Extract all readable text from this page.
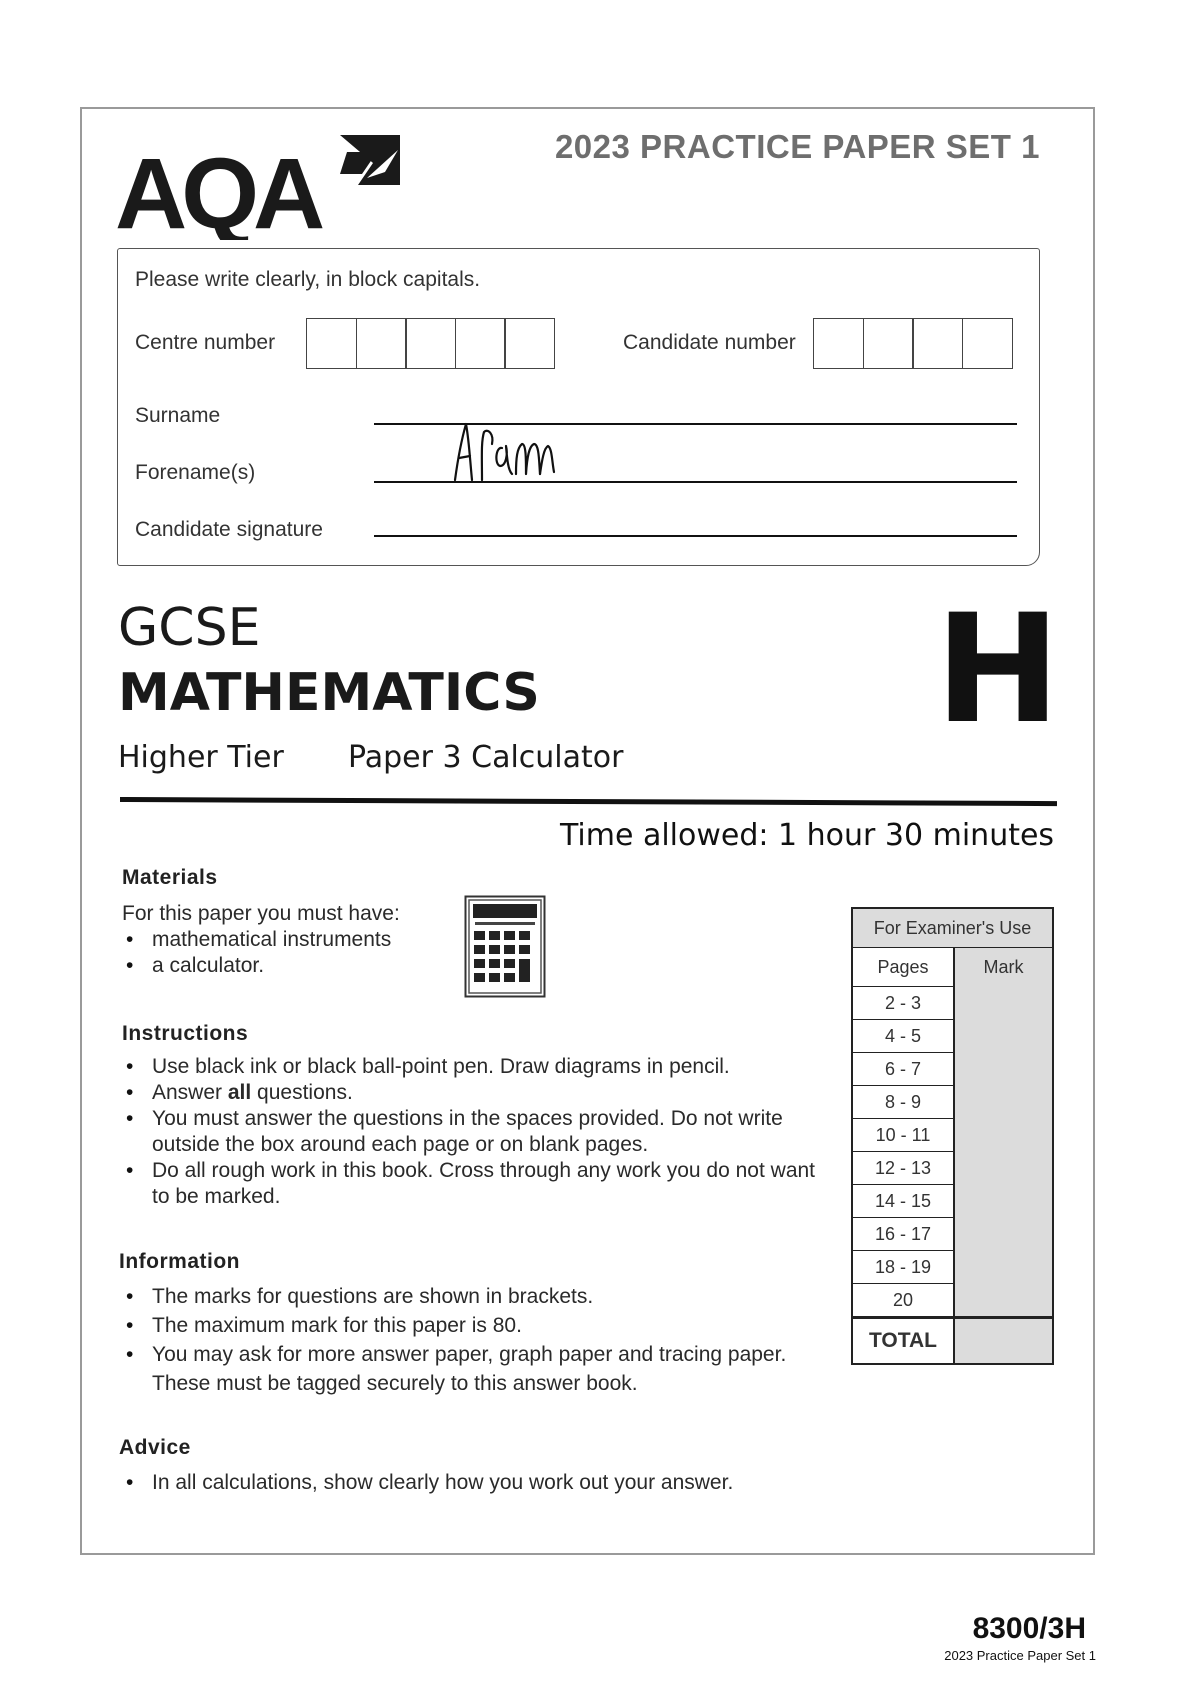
AQA	2023 PRACTICE PAPER SET 1
Please write clearly, in block capitals.
Centre number	Candidate number
Surname
Forename(s)
Candidate signature
GCSE
MATHEMATICS
Higher Tier Paper 3 Calculator
H
Time allowed: 1 hour 30 minutes
Materials
For this paper you must have:
• mathematical instruments
• a calculator.
Instructions
• Use black ink or black ball-point pen. Draw diagrams in pencil.
• Answer all questions.
• You must answer the questions in the spaces provided. Do not write outside the box around each page or on blank pages.
• Do all rough work in this book. Cross through any work you do not want to be marked.
Information
• The marks for questions are shown in brackets.
• The maximum mark for this paper is 80.
• You may ask for more answer paper, graph paper and tracing paper. These must be tagged securely to this answer book.
Advice
• In all calculations, show clearly how you work out your answer.
For Examiner's Use
Pages	Mark
2 - 3	
4 - 5	
6 - 7	
8 - 9	
10 - 11	
12 - 13	
14 - 15	
16 - 17	
18 - 19	
20	
TOTAL	
8300/3H
2023 Practice Paper Set 1
